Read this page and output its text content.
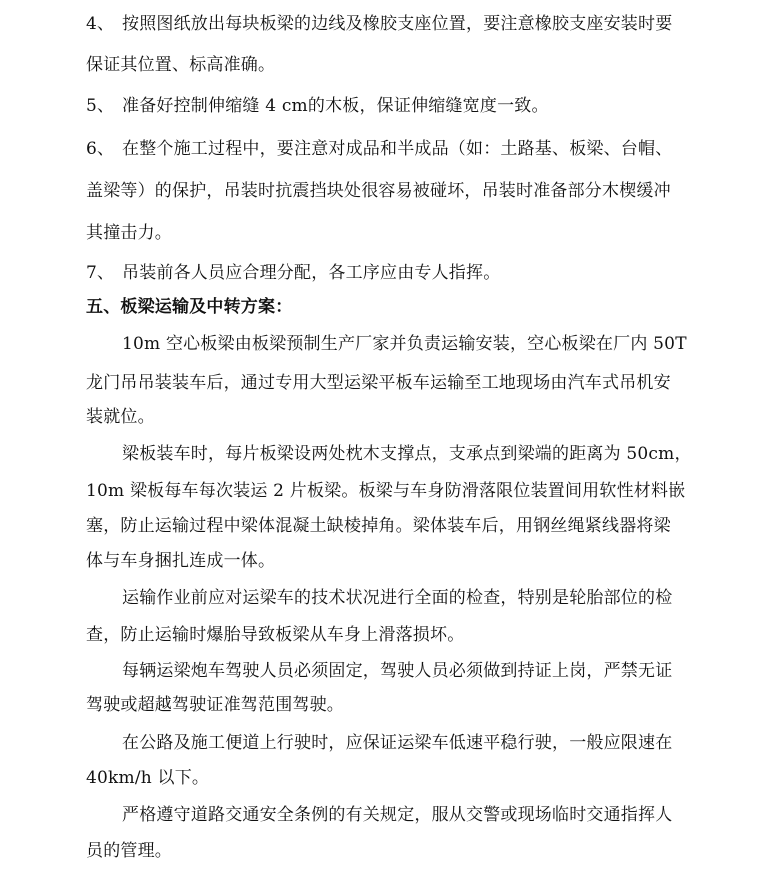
4、 按照图纸放出每块板梁的边线及橡胶支座位置，要注意橡胶支座安装时要
保证其位置、标高准确。
5、 准备好控制伸缩缝 4 cm的木板，保证伸缩缝宽度一致。
6、 在整个施工过程中，要注意对成品和半成品（如：土路基、板梁、台帽、
盖梁等）的保护，吊装时抗震挡块处很容易被碰坏，吊装时准备部分木楔缓冲
其撞击力。
7、 吊装前各人员应合理分配，各工序应由专人指挥。
五、板梁运输及中转方案：
10m 空心板梁由板梁预制生产厂家并负责运输安装，空心板梁在厂内 50T
龙门吊吊装装车后，通过专用大型运梁平板车运输至工地现场由汽车式吊机安
装就位。
梁板装车时，每片板梁设两处枕木支撑点，支承点到梁端的距离为 50cm，
10m 梁板每车每次装运 2 片板梁。板梁与车身防滑落限位装置间用软性材料嵌
塞，防止运输过程中梁体混凝土缺棱掉角。梁体装车后，用钢丝绳紧线器将梁
体与车身捆扎连成一体。
运输作业前应对运梁车的技术状况进行全面的检查，特别是轮胎部位的检
查，防止运输时爆胎导致板梁从车身上滑落损坏。
每辆运梁炮车驾驶人员必须固定，驾驶人员必须做到持证上岗，严禁无证
驾驶或超越驾驶证准驾范围驾驶。
在公路及施工便道上行驶时，应保证运梁车低速平稳行驶，一般应限速在
40km/h 以下。
严格遵守道路交通安全条例的有关规定，服从交警或现场临时交通指挥人
员的管理。
